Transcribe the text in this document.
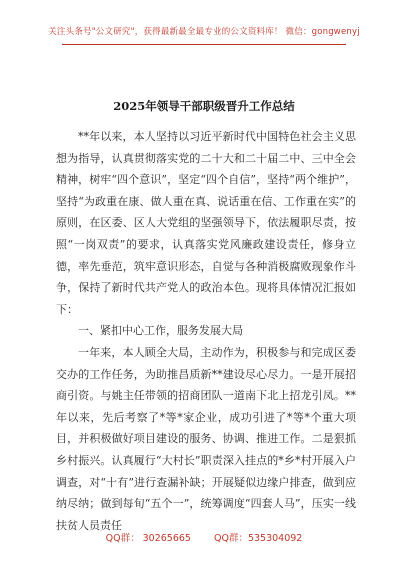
关注头条号"公文研究"，获得最新最全最专业的公文资料库！ 微信：gongwenyj
2025年领导干部职级晋升工作总结

**年以来，本人坚持以习近平新时代中国特色社会主义思想为指导，认真贯彻落实党的二十大和二十届二中、三中全会精神，树牢“四个意识”，坚定“四个自信”，坚持“两个维护”，坚持“为政重在康、做人重在真、说话重在信、工作重在实”的原则，在区委、区人大党组的坚强领导下，依法履职尽责，按照“一岗双责”的要求，认真落实党风廉政建设责任，修身立德，率先垂范，筑牢意识形态，自觉与各种消极腐败现象作斗争，保持了新时代共产党人的政治本色。现将具体情况汇报如下：

一、紧扣中心工作，服务发展大局

一年来，本人顾全大局，主动作为，积极参与和完成区委交办的工作任务，为助推昌质新**建设尽心尽力。一是开展招商引资。与姚主任带领的招商团队一道南下北上招龙引凤。**年以来，先后考察了*等*家企业，成功引进了*等*个重大项目，并积极做好项目建设的服务、协调、推进工作。二是狠抓乡村振兴。认真履行“大村长”职责深入挂点的*乡*村开展入户调查，对“十有”进行查漏补缺；开展疑似边缘户排查，做到应纳尽纳；做到每旬“五个一”，统筹调度“四套人马”，压实一线扶贫人员责任

QQ群： 30265665 QQ群：535304092
